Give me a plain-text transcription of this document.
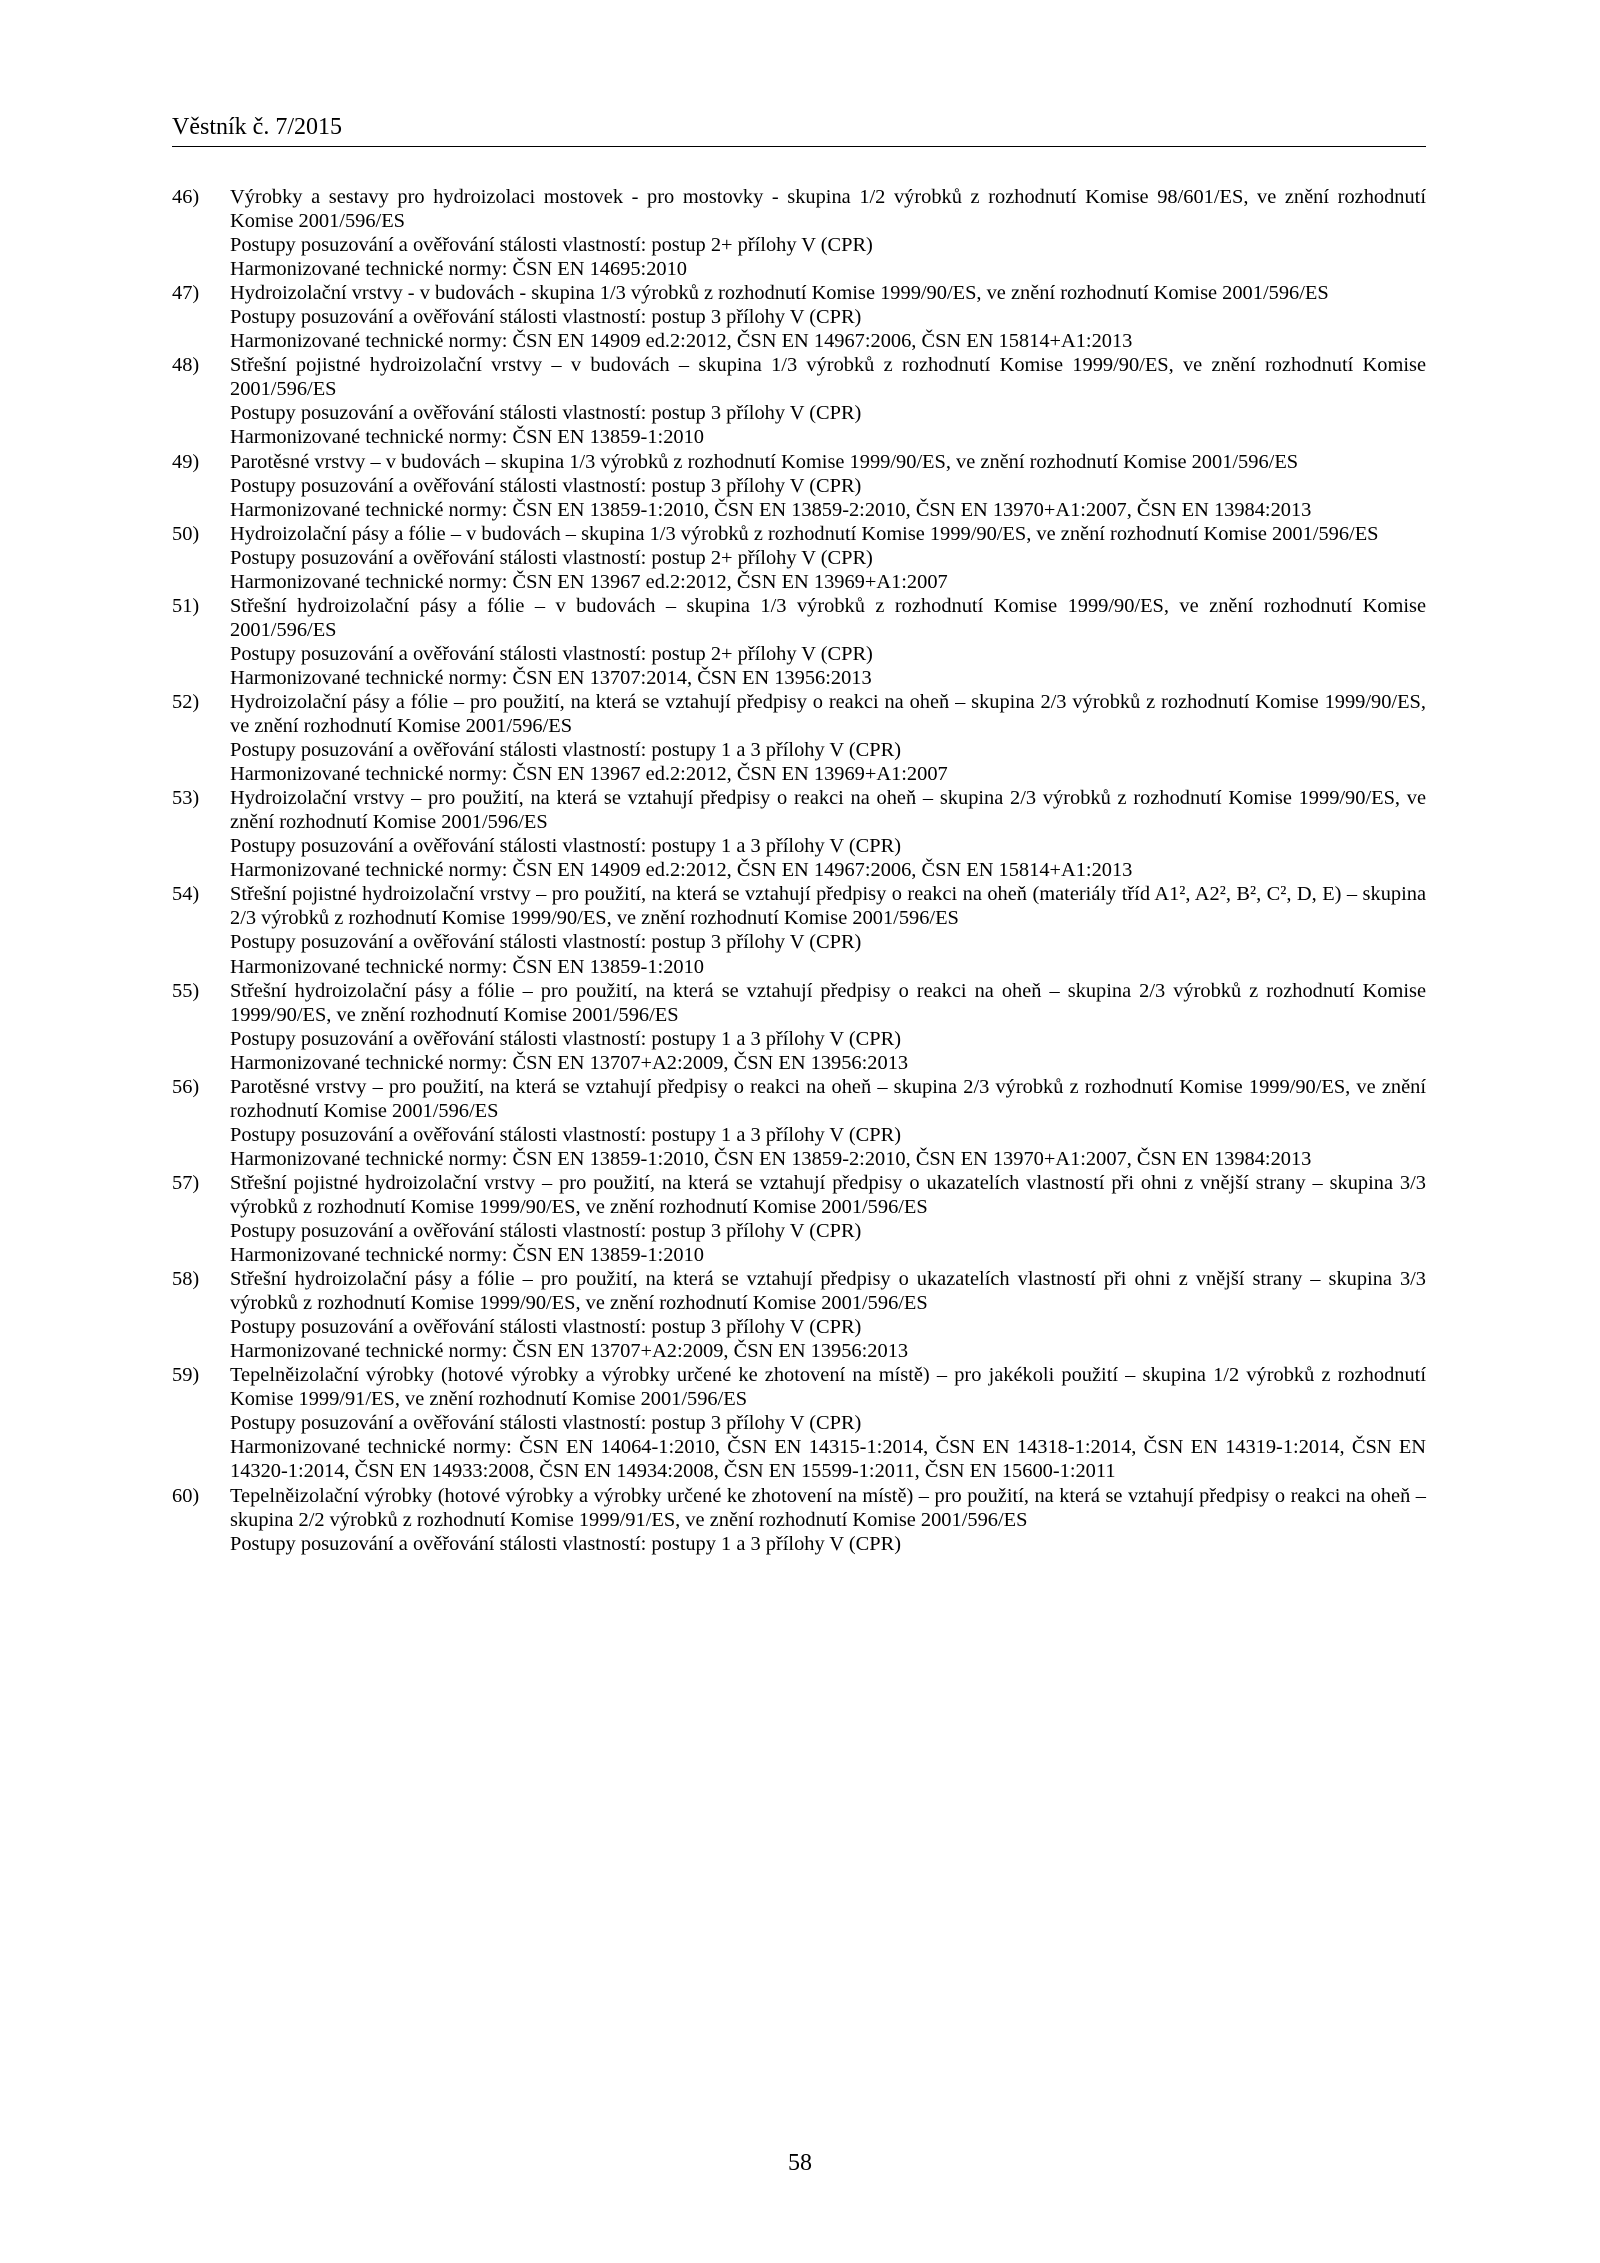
Věstník č. 7/2015
46) Výrobky a sestavy pro hydroizolaci mostovek - pro mostovky - skupina 1/2 výrobků z rozhodnutí Komise 98/601/ES, ve znění rozhodnutí Komise 2001/596/ES
Postupy posuzování a ověřování stálosti vlastností: postup 2+ přílohy V (CPR)
Harmonizované technické normy: ČSN EN 14695:2010
47) Hydroizolační vrstvy - v budovách - skupina 1/3 výrobků z rozhodnutí Komise 1999/90/ES, ve znění rozhodnutí Komise 2001/596/ES
Postupy posuzování a ověřování stálosti vlastností: postup 3 přílohy V (CPR)
Harmonizované technické normy: ČSN EN 14909 ed.2:2012, ČSN EN 14967:2006, ČSN EN 15814+A1:2013
48) Střešní pojistné hydroizolační vrstvy – v budovách – skupina 1/3 výrobků z rozhodnutí Komise 1999/90/ES, ve znění rozhodnutí Komise 2001/596/ES
Postupy posuzování a ověřování stálosti vlastností: postup 3 přílohy V (CPR)
Harmonizované technické normy: ČSN EN 13859-1:2010
49) Parotěsné vrstvy – v budovách – skupina 1/3 výrobků z rozhodnutí Komise 1999/90/ES, ve znění rozhodnutí Komise 2001/596/ES
Postupy posuzování a ověřování stálosti vlastností: postup 3 přílohy V (CPR)
Harmonizované technické normy: ČSN EN 13859-1:2010, ČSN EN 13859-2:2010, ČSN EN 13970+A1:2007, ČSN EN 13984:2013
50) Hydroizolační pásy a fólie – v budovách – skupina 1/3 výrobků z rozhodnutí Komise 1999/90/ES, ve znění rozhodnutí Komise 2001/596/ES
Postupy posuzování a ověřování stálosti vlastností: postup 2+ přílohy V (CPR)
Harmonizované technické normy: ČSN EN 13967 ed.2:2012, ČSN EN 13969+A1:2007
51) Střešní hydroizolační pásy a fólie – v budovách – skupina 1/3 výrobků z rozhodnutí Komise 1999/90/ES, ve znění rozhodnutí Komise 2001/596/ES
Postupy posuzování a ověřování stálosti vlastností: postup 2+ přílohy V (CPR)
Harmonizované technické normy: ČSN EN 13707:2014, ČSN EN 13956:2013
52) Hydroizolační pásy a fólie – pro použití, na která se vztahují předpisy o reakci na oheň – skupina 2/3 výrobků z rozhodnutí Komise 1999/90/ES, ve znění rozhodnutí Komise 2001/596/ES
Postupy posuzování a ověřování stálosti vlastností: postupy 1 a 3 přílohy V (CPR)
Harmonizované technické normy: ČSN EN 13967 ed.2:2012, ČSN EN 13969+A1:2007
53) Hydroizolační vrstvy – pro použití, na která se vztahují předpisy o reakci na oheň – skupina 2/3 výrobků z rozhodnutí Komise 1999/90/ES, ve znění rozhodnutí Komise 2001/596/ES
Postupy posuzování a ověřování stálosti vlastností: postupy 1 a 3 přílohy V (CPR)
Harmonizované technické normy: ČSN EN 14909 ed.2:2012, ČSN EN 14967:2006, ČSN EN 15814+A1:2013
54) Střešní pojistné hydroizolační vrstvy – pro použití, na která se vztahují předpisy o reakci na oheň (materiály tříd A1², A2², B², C², D, E) – skupina 2/3 výrobků z rozhodnutí Komise 1999/90/ES, ve znění rozhodnutí Komise 2001/596/ES
Postupy posuzování a ověřování stálosti vlastností: postup 3 přílohy V (CPR)
Harmonizované technické normy: ČSN EN 13859-1:2010
55) Střešní hydroizolační pásy a fólie – pro použití, na která se vztahují předpisy o reakci na oheň – skupina 2/3 výrobků z rozhodnutí Komise 1999/90/ES, ve znění rozhodnutí Komise 2001/596/ES
Postupy posuzování a ověřování stálosti vlastností: postupy 1 a 3 přílohy V (CPR)
Harmonizované technické normy: ČSN EN 13707+A2:2009, ČSN EN 13956:2013
56) Parotěsné vrstvy – pro použití, na která se vztahují předpisy o reakci na oheň – skupina 2/3 výrobků z rozhodnutí Komise 1999/90/ES, ve znění rozhodnutí Komise 2001/596/ES
Postupy posuzování a ověřování stálosti vlastností: postupy 1 a 3 přílohy V (CPR)
Harmonizované technické normy: ČSN EN 13859-1:2010, ČSN EN 13859-2:2010, ČSN EN 13970+A1:2007, ČSN EN 13984:2013
57) Střešní pojistné hydroizolační vrstvy – pro použití, na která se vztahují předpisy o ukazatelích vlastností při ohni z vnější strany – skupina 3/3 výrobků z rozhodnutí Komise 1999/90/ES, ve znění rozhodnutí Komise 2001/596/ES
Postupy posuzování a ověřování stálosti vlastností: postup 3 přílohy V (CPR)
Harmonizované technické normy: ČSN EN 13859-1:2010
58) Střešní hydroizolační pásy a fólie – pro použití, na která se vztahují předpisy o ukazatelích vlastností při ohni z vnější strany – skupina 3/3 výrobků z rozhodnutí Komise 1999/90/ES, ve znění rozhodnutí Komise 2001/596/ES
Postupy posuzování a ověřování stálosti vlastností: postup 3 přílohy V (CPR)
Harmonizované technické normy: ČSN EN 13707+A2:2009, ČSN EN 13956:2013
59) Tepelněizolační výrobky (hotové výrobky a výrobky určené ke zhotovení na místě) – pro jakékoli použití – skupina 1/2 výrobků z rozhodnutí Komise 1999/91/ES, ve znění rozhodnutí Komise 2001/596/ES
Postupy posuzování a ověřování stálosti vlastností: postup 3 přílohy V (CPR)
Harmonizované technické normy: ČSN EN 14064-1:2010, ČSN EN 14315-1:2014, ČSN EN 14318-1:2014, ČSN EN 14319-1:2014, ČSN EN 14320-1:2014, ČSN EN 14933:2008, ČSN EN 14934:2008, ČSN EN 15599-1:2011, ČSN EN 15600-1:2011
60) Tepelněizolační výrobky (hotové výrobky a výrobky určené ke zhotovení na místě) – pro použití, na která se vztahují předpisy o reakci na oheň – skupina 2/2 výrobků z rozhodnutí Komise 1999/91/ES, ve znění rozhodnutí Komise 2001/596/ES
Postupy posuzování a ověřování stálosti vlastností: postupy 1 a 3 přílohy V (CPR)
58
